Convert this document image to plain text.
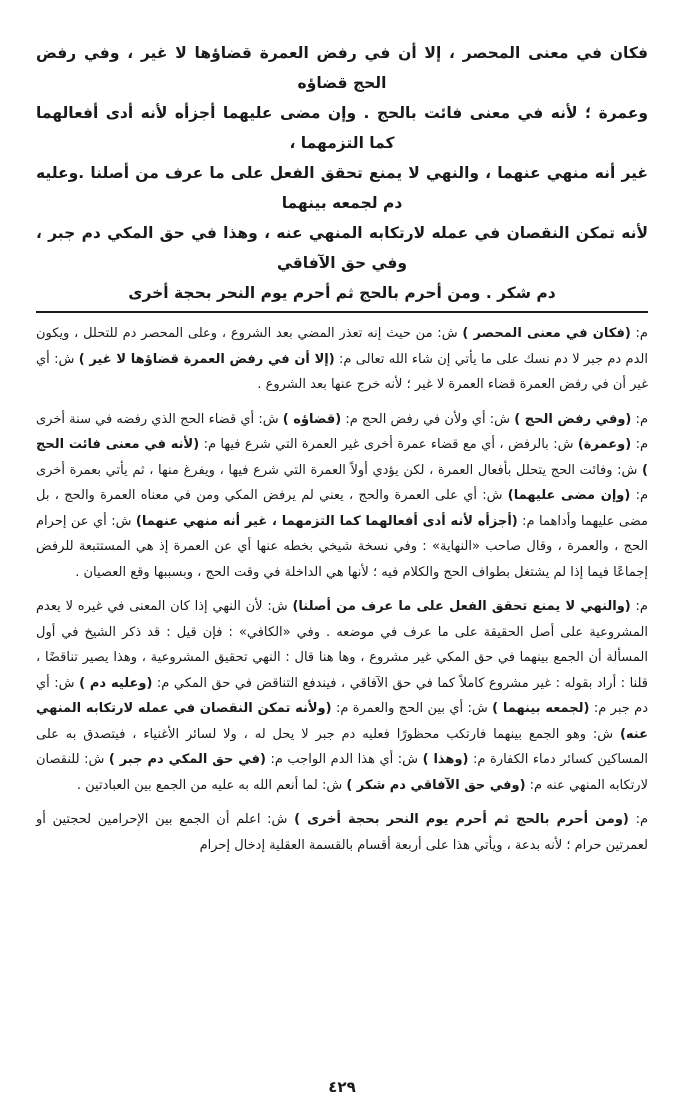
فكان في معنى المحصر ، إلا أن في رفض العمرة قضاؤها لا غير ، وفي رفض الحج قضاؤه
وعمرة ؛ لأنه في معنى فائت بالحج . وإن مضى عليهما أجزأه لأنه أدى أفعالهما كما التزمهما ،
غير أنه منهي عنهما ، والنهي لا يمنع تحقق الفعل على ما عرف من أصلنا .وعليه دم لجمعه بينهما
لأنه تمكن النقصان في عمله لارتكابه المنهي عنه ، وهذا في حق المكي دم جبر ، وفي حق الآفاقي
دم شكر . ومن أحرم بالحج ثم أحرم يوم النحر بحجة أخرى

م: (فكان في معنى المحصر ) ش: من حيث إنه تعذر المضي بعد الشروع ، وعلى المحصر دم للتحلل ، ويكون الدم دم جبر لا دم نسك على ما يأتي إن شاء الله تعالى م: (إلا أن في رفض العمرة قضاؤها لا غير ) ش: أي غير أن في رفض العمرة قضاء العمرة لا غير ؛ لأنه خرج عنها بعد الشروع .

م: (وفي رفض الحج ) ش: أي ولأن في رفض الحج م: (قضاؤه ) ش: أي قضاء الحج الذي رفضه في سنة أخرى م: (وعمرة) ش: بالرفض ، أي مع قضاء عمرة أخرى غير العمرة التي شرع فيها م: (لأنه في معنى فائت الحج ) ش: وفائت الحج يتحلل بأفعال العمرة ، لكن يؤدي أولاً العمرة التي شرع فيها ، ويفرغ منها ، ثم يأتي بعمرة أخرى م: (وإن مضى عليهما) ش: أي على العمرة والحج ، يعني لم يرفض المكي ومن في معناه العمرة والحج ، بل مضى عليهما وأداهما م: (أجزأه لأنه أدى أفعالهما كما التزمهما ، غير أنه منهي عنهما) ش: أي عن إحرام الحج ، والعمرة ، وقال صاحب «النهاية» : وفي نسخة شيخي بخطه عنها أي عن العمرة إذ هي المستتبعة للرفض إجماعًا فيما إذا لم يشتغل بطواف الحج والكلام فيه ؛ لأنها هي الداخلة في وقت الحج ، وبسببها وقع العصيان .

م: (والنهي لا يمنع تحقق الفعل على ما عرف من أصلنا) ش: لأن النهي إذا كان المعنى في غيره لا يعدم المشروعية على أصل الحقيقة على ما عرف في موضعه . وفي «الكافي» : فإن قيل : قد ذكر الشيخ في أول المسألة أن الجمع بينهما في حق المكي غير مشروع ، وها هنا قال : النهي تحقيق المشروعية ، وهذا يصير تناقضًا ، قلنا : أراد بقوله : غير مشروع كاملاً كما في حق الآفاقي ، فيندفع التناقض في حق المكي م: (وعليه دم ) ش: أي دم جبر م: (لجمعه بينهما ) ش: أي بين الحج والعمرة م: (ولأنه تمكن النقصان في عمله لارتكابه المنهي عنه) ش: وهو الجمع بينهما فارتكب محظورًا فعليه دم جبر لا يحل له ، ولا لسائر الأغنياء ، فيتصدق به على المساكين كسائر دماء الكفارة م: (وهذا ) ش: أي هذا الدم الواجب م: (في حق المكي دم جبر ) ش: للنقصان لارتكابه المنهي عنه م: (وفي حق الآفاقي دم شكر ) ش: لما أنعم الله به عليه من الجمع بين العبادتين .

م: (ومن أحرم بالحج ثم أحرم يوم النحر بحجة أخرى ) ش: اعلم أن الجمع بين الإحرامين لحجتين أو لعمرتين حرام ؛ لأنه بدعة ، ويأتي هذا على أربعة أقسام بالقسمة العقلية إدخال إحرام

٤٢٩
